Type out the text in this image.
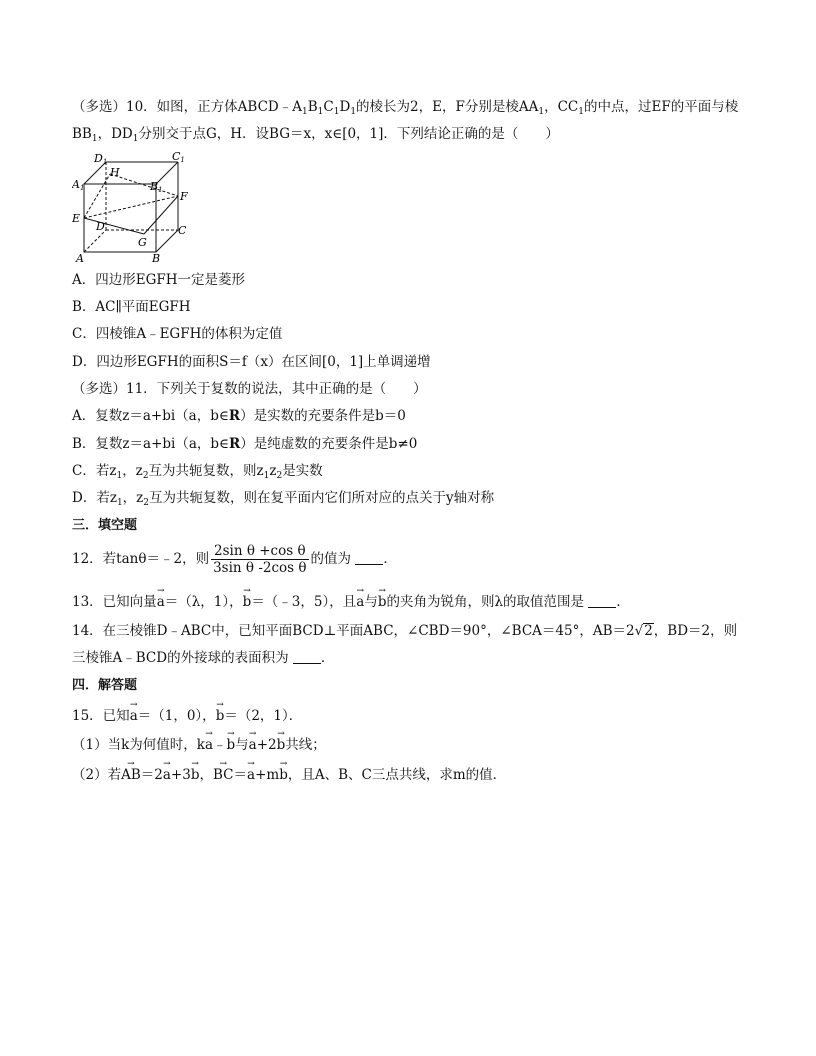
（多选）10．如图，正方体$ABCD﹣A_1B_1C_1D_1$的棱长为2，E，F分别是棱$AA_1$，$CC_1$的中点，过EF的平面与棱
$BB_1$，$DD_1$分别交于点G，H．设BG＝x，x∈[0，1]．下列结论正确的是（　　）
D1	C1
A1
H
B1 F
E
D
G
C
A	B
A．四边形EGFH一定是菱形
B．AC∥平面EGFH
C．四棱锥A﹣EGFH的体积为定值
D．四边形EGFH的面积S＝f（x）在区间[0，1]上单调递增
（多选）11．下列关于复数的说法，其中正确的是（　　）
A．复数z＝a+bi（a，b∈R）是实数的充要条件是b＝0
B．复数z＝a+bi（a，b∈R）是纯虚数的充要条件是b≠0
C．若$z_1$，$z_2$互为共轭复数，则$z_1z_2$是实数
D．若$z_1$，$z_2$互为共轭复数，则在复平面内它们所对应的点关于y轴对称
三．填空题
12．若tanθ＝﹣2，则 $\frac{\text{2sin θ +cos θ}}{\text{3sin θ -2cos θ}}$ 的值为 ．
13．已知向量→ a＝（λ，1），→ b＝（﹣3，5），且→ a与→ b的夹角为锐角，则λ的取值范围是 ．
14．在三棱锥D﹣ABC中，已知平面BCD⊥平面ABC，∠CBD＝90°，∠BCA＝45°，AB＝2√2，BD＝2，则
三棱锥A﹣BCD的外接球的表面积为 ．
四．解答题
15．已知→ a＝（1，0），→ b＝（2，1）．
（1）当k为何值时，k→ a﹣→ b与→ a+2→ b共线；
（2）若→ AB＝2→ a+3→ b，→ BC＝→ a+m→ b，且A、B、C三点共线，求m的值．
